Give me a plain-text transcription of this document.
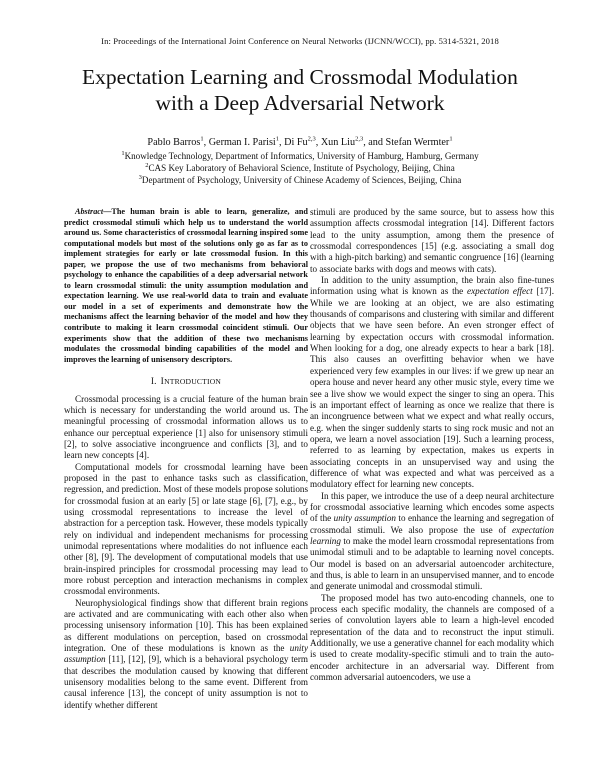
In: Proceedings of the International Joint Conference on Neural Networks (IJCNN/WCCI), pp. 5314-5321, 2018
Expectation Learning and Crossmodal Modulation
with a Deep Adversarial Network
Pablo Barros$^1$, German I. Parisi$^1$, Di Fu$^{2,3}$, Xun Liu$^{2,3}$, and Stefan Wermter$^1$
$^1$Knowledge Technology, Department of Informatics, University of Hamburg, Hamburg, Germany
$^2$CAS Key Laboratory of Behavioral Science, Institute of Psychology, Beijing, China
$^3$Department of Psychology, University of Chinese Academy of Sciences, Beijing, China

Abstract—The human brain is able to learn, generalize, and predict crossmodal stimuli which help us to understand the world around us. Some characteristics of crossmodal learning inspired some computational models but most of the solutions only go as far as to implement strategies for early or late crossmodal fusion. In this paper, we propose the use of two mechanisms from behavioral psychology to enhance the capabilities of a deep adversarial network to learn crossmodal stimuli: the unity assumption modulation and expectation learning. We use real-world data to train and evaluate our model in a set of experiments and demonstrate how the mechanisms affect the learning behavior of the model and how they contribute to making it learn crossmodal coincident stimuli. Our experiments show that the addition of these two mechanisms modulates the crossmodal binding capabilities of the model and improves the learning of unisensory descriptors.

I. INTRODUCTION

Crossmodal processing is a crucial feature of the human brain which is necessary for understanding the world around us. The meaningful processing of crossmodal information allows us to enhance our perceptual experience [1] also for unisensory stimuli [2], to solve associative incongruence and conflicts [3], and to learn new concepts [4].

Computational models for crossmodal learning have been proposed in the past to enhance tasks such as classification, regression, and prediction. Most of these models propose solutions for crossmodal fusion at an early [5] or late stage [6], [7], e.g., by using crossmodal representations to increase the level of abstraction for a perception task. However, these models typically rely on individual and independent mechanisms for processing unimodal representations where modalities do not influence each other [8], [9]. The development of computational models that use brain-inspired principles for crossmodal processing may lead to more robust perception and interaction mechanisms in complex crossmodal environments.

Neurophysiological findings show that different brain regions are activated and are communicating with each other also when processing unisensory information [10]. This has been explained as different modulations on perception, based on crossmodal integration. One of these modulations is known as the unity assumption [11], [12], [9], which is a behavioral psychology term that describes the modulation caused by knowing that different unisensory modalities belong to the same event. Different from causal inference [13], the concept of unity assumption is not to identify whether different

stimuli are produced by the same source, but to assess how this assumption affects crossmodal integration [14]. Different factors lead to the unity assumption, among them the presence of crossmodal correspondences [15] (e.g. associating a small dog with a high-pitch barking) and semantic congruence [16] (learning to associate barks with dogs and meows with cats).

In addition to the unity assumption, the brain also fine-tunes information using what is known as the expectation effect [17]. While we are looking at an object, we are also estimating thousands of comparisons and clustering with similar and different objects that we have seen before. An even stronger effect of learning by expectation occurs with crossmodal information. When looking for a dog, one already expects to hear a bark [18]. This also causes an overfitting behavior when we have experienced very few examples in our lives: if we grew up near an opera house and never heard any other music style, every time we see a live show we would expect the singer to sing an opera. This is an important effect of learning as once we realize that there is an incongruence between what we expect and what really occurs, e.g. when the singer suddenly starts to sing rock music and not an opera, we learn a novel association [19]. Such a learning process, referred to as learning by expectation, makes us experts in associating concepts in an unsupervised way and using the difference of what was expected and what was perceived as a modulatory effect for learning new concepts.

In this paper, we introduce the use of a deep neural architecture for crossmodal associative learning which encodes some aspects of the unity assumption to enhance the learning and segregation of crossmodal stimuli. We also propose the use of expectation learning to make the model learn crossmodal representations from unimodal stimuli and to be adaptable to learning novel concepts. Our model is based on an adversarial autoencoder architecture, and thus, is able to learn in an unsupervised manner, and to encode and generate unimodal and crossmodal stimuli.

The proposed model has two auto-encoding channels, one to process each specific modality, the channels are composed of a series of convolution layers able to learn a high-level encoded representation of the data and to reconstruct the input stimuli. Additionally, we use a generative channel for each modality which is used to create modality-specific stimuli and to train the auto-encoder architecture in an adversarial way. Different from common adversarial autoencoders, we use a
